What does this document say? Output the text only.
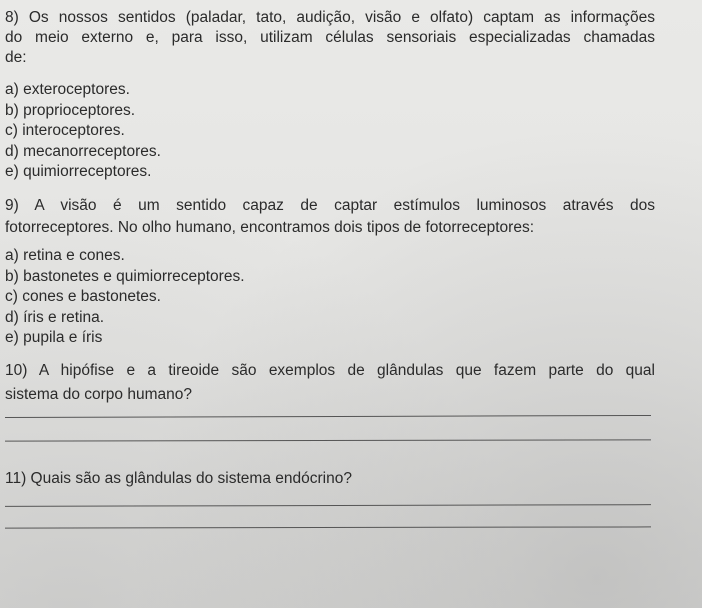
8) Os nossos sentidos (paladar, tato, audição, visão e olfato) captam as informações
do meio externo e, para isso, utilizam células sensoriais especializadas chamadas
de:
a) exteroceptores.
b) proprioceptores.
c) interoceptores.
d) mecanorreceptores.
e) quimiorreceptores.
9) A visão é um sentido capaz de captar estímulos luminosos através dos
fotorreceptores. No olho humano, encontramos dois tipos de fotorreceptores:
a) retina e cones.
b) bastonetes e quimiorreceptores.
c) cones e bastonetes.
d) íris e retina.
e) pupila e íris
10) A hipófise e a tireoide são exemplos de glândulas que fazem parte do qual
sistema do corpo humano?
11) Quais são as glândulas do sistema endócrino?
